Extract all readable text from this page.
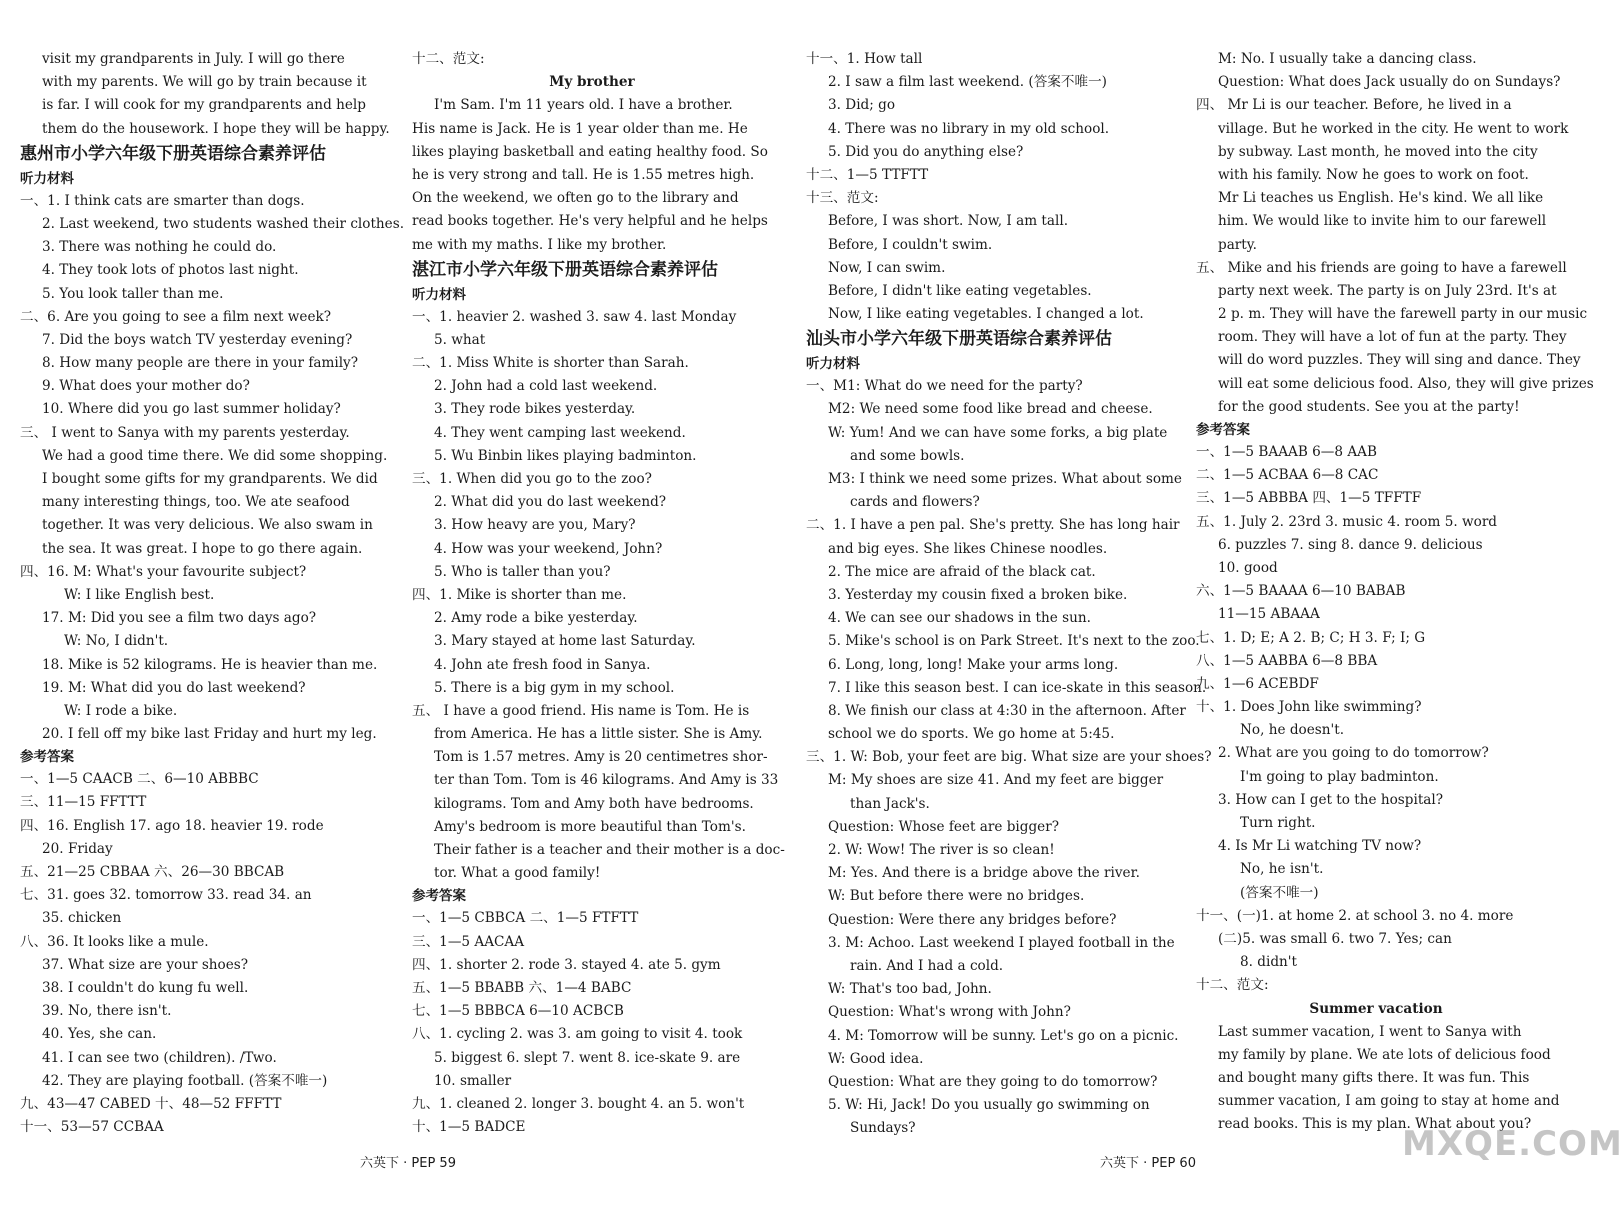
visit my grandparents in July. I will go there
with my parents. We will go by train because it
is far. I will cook for my grandparents and help
them do the housework. I hope they will be happy.
惠州市小学六年级下册英语综合素养评估
听力材料
一、1. I think cats are smarter than dogs.
2. Last weekend, two students washed their clothes.
3. There was nothing he could do.
4. They took lots of photos last night.
5. You look taller than me.
二、6. Are you going to see a film next week?
7. Did the boys watch TV yesterday evening?
8. How many people are there in your family?
9. What does your mother do?
10. Where did you go last summer holiday?
三、 I went to Sanya with my parents yesterday.
We had a good time there. We did some shopping.
I bought some gifts for my grandparents. We did
many interesting things, too. We ate seafood
together. It was very delicious. We also swam in
the sea. It was great. I hope to go there again.
四、16. M: What's your favourite subject?
W: I like English best.
17. M: Did you see a film two days ago?
W: No, I didn't.
18. Mike is 52 kilograms. He is heavier than me.
19. M: What did you do last weekend?
W: I rode a bike.
20. I fell off my bike last Friday and hurt my leg.
参考答案
一、1—5 CAACB 二、6—10 ABBBC
三、11—15 FFTTT
四、16. English 17. ago 18. heavier 19. rode
20. Friday
五、21—25 CBBAA 六、26—30 BBCAB
七、31. goes 32. tomorrow 33. read 34. an
35. chicken
八、36. It looks like a mule.
37. What size are your shoes?
38. I couldn't do kung fu well.
39. No, there isn't.
40. Yes, she can.
41. I can see two (children). /Two.
42. They are playing football. (答案不唯一)
九、43—47 CABED 十、48—52 FFFTT
十一、53—57 CCBAA
十二、范文:
My brother
I'm Sam. I'm 11 years old. I have a brother.
His name is Jack. He is 1 year older than me. He
likes playing basketball and eating healthy food. So
he is very strong and tall. He is 1.55 metres high.
On the weekend, we often go to the library and
read books together. He's very helpful and he helps
me with my maths. I like my brother.
湛江市小学六年级下册英语综合素养评估
听力材料
一、1. heavier 2. washed 3. saw 4. last Monday
5. what
二、1. Miss White is shorter than Sarah.
2. John had a cold last weekend.
3. They rode bikes yesterday.
4. They went camping last weekend.
5. Wu Binbin likes playing badminton.
三、1. When did you go to the zoo?
2. What did you do last weekend?
3. How heavy are you, Mary?
4. How was your weekend, John?
5. Who is taller than you?
四、1. Mike is shorter than me.
2. Amy rode a bike yesterday.
3. Mary stayed at home last Saturday.
4. John ate fresh food in Sanya.
5. There is a big gym in my school.
五、 I have a good friend. His name is Tom. He is
from America. He has a little sister. She is Amy.
Tom is 1.57 metres. Amy is 20 centimetres shor-
ter than Tom. Tom is 46 kilograms. And Amy is 33
kilograms. Tom and Amy both have bedrooms.
Amy's bedroom is more beautiful than Tom's.
Their father is a teacher and their mother is a doc-
tor. What a good family!
参考答案
一、1—5 CBBCA 二、1—5 FTFTT
三、1—5 AACAA
四、1. shorter 2. rode 3. stayed 4. ate 5. gym
五、1—5 BBABB 六、1—4 BABC
七、1—5 BBBCA 6—10 ACBCB
八、1. cycling 2. was 3. am going to visit 4. took
5. biggest 6. slept 7. went 8. ice-skate 9. are
10. smaller
九、1. cleaned 2. longer 3. bought 4. an 5. won't
十、1—5 BADCE
六英下 · PEP 59
十一、1. How tall
2. I saw a film last weekend. (答案不唯一)
3. Did; go
4. There was no library in my old school.
5. Did you do anything else?
十二、1—5 TTFTT
十三、范文:
Before, I was short. Now, I am tall.
Before, I couldn't swim.
Now, I can swim.
Before, I didn't like eating vegetables.
Now, I like eating vegetables. I changed a lot.
汕头市小学六年级下册英语综合素养评估
听力材料
一、M1: What do we need for the party?
M2: We need some food like bread and cheese.
W: Yum! And we can have some forks, a big plate
and some bowls.
M3: I think we need some prizes. What about some
cards and flowers?
二、1. I have a pen pal. She's pretty. She has long hair
and big eyes. She likes Chinese noodles.
2. The mice are afraid of the black cat.
3. Yesterday my cousin fixed a broken bike.
4. We can see our shadows in the sun.
5. Mike's school is on Park Street. It's next to the zoo.
6. Long, long, long! Make your arms long.
7. I like this season best. I can ice-skate in this season.
8. We finish our class at 4:30 in the afternoon. After
school we do sports. We go home at 5:45.
三、1. W: Bob, your feet are big. What size are your shoes?
M: My shoes are size 41. And my feet are bigger
than Jack's.
Question: Whose feet are bigger?
2. W: Wow! The river is so clean!
M: Yes. And there is a bridge above the river.
W: But before there were no bridges.
Question: Were there any bridges before?
3. M: Achoo. Last weekend I played football in the
rain. And I had a cold.
W: That's too bad, John.
Question: What's wrong with John?
4. M: Tomorrow will be sunny. Let's go on a picnic.
W: Good idea.
Question: What are they going to do tomorrow?
5. W: Hi, Jack! Do you usually go swimming on
Sundays?
M: No. I usually take a dancing class.
Question: What does Jack usually do on Sundays?
四、 Mr Li is our teacher. Before, he lived in a
village. But he worked in the city. He went to work
by subway. Last month, he moved into the city
with his family. Now he goes to work on foot.
Mr Li teaches us English. He's kind. We all like
him. We would like to invite him to our farewell
party.
五、 Mike and his friends are going to have a farewell
party next week. The party is on July 23rd. It's at
2 p. m. They will have the farewell party in our music
room. They will have a lot of fun at the party. They
will do word puzzles. They will sing and dance. They
will eat some delicious food. Also, they will give prizes
for the good students. See you at the party!
参考答案
一、1—5 BAAAB 6—8 AAB
二、1—5 ACBAA 6—8 CAC
三、1—5 ABBBA 四、1—5 TFFTF
五、1. July 2. 23rd 3. music 4. room 5. word
6. puzzles 7. sing 8. dance 9. delicious
10. good
六、1—5 BAAAA 6—10 BABAB
11—15 ABAAA
七、1. D; E; A 2. B; C; H 3. F; I; G
八、1—5 AABBA 6—8 BBA
九、1—6 ACEBDF
十、1. Does John like swimming?
No, he doesn't.
2. What are you going to do tomorrow?
I'm going to play badminton.
3. How can I get to the hospital?
Turn right.
4. Is Mr Li watching TV now?
No, he isn't.
(答案不唯一)
十一、(一)1. at home 2. at school 3. no 4. more
(二)5. was small 6. two 7. Yes; can
8. didn't
十二、范文:
Summer vacation
Last summer vacation, I went to Sanya with
my family by plane. We ate lots of delicious food
and bought many gifts there. It was fun. This
summer vacation, I am going to stay at home and
read books. This is my plan. What about you?
六英下 · PEP 60	MXQE.COM
